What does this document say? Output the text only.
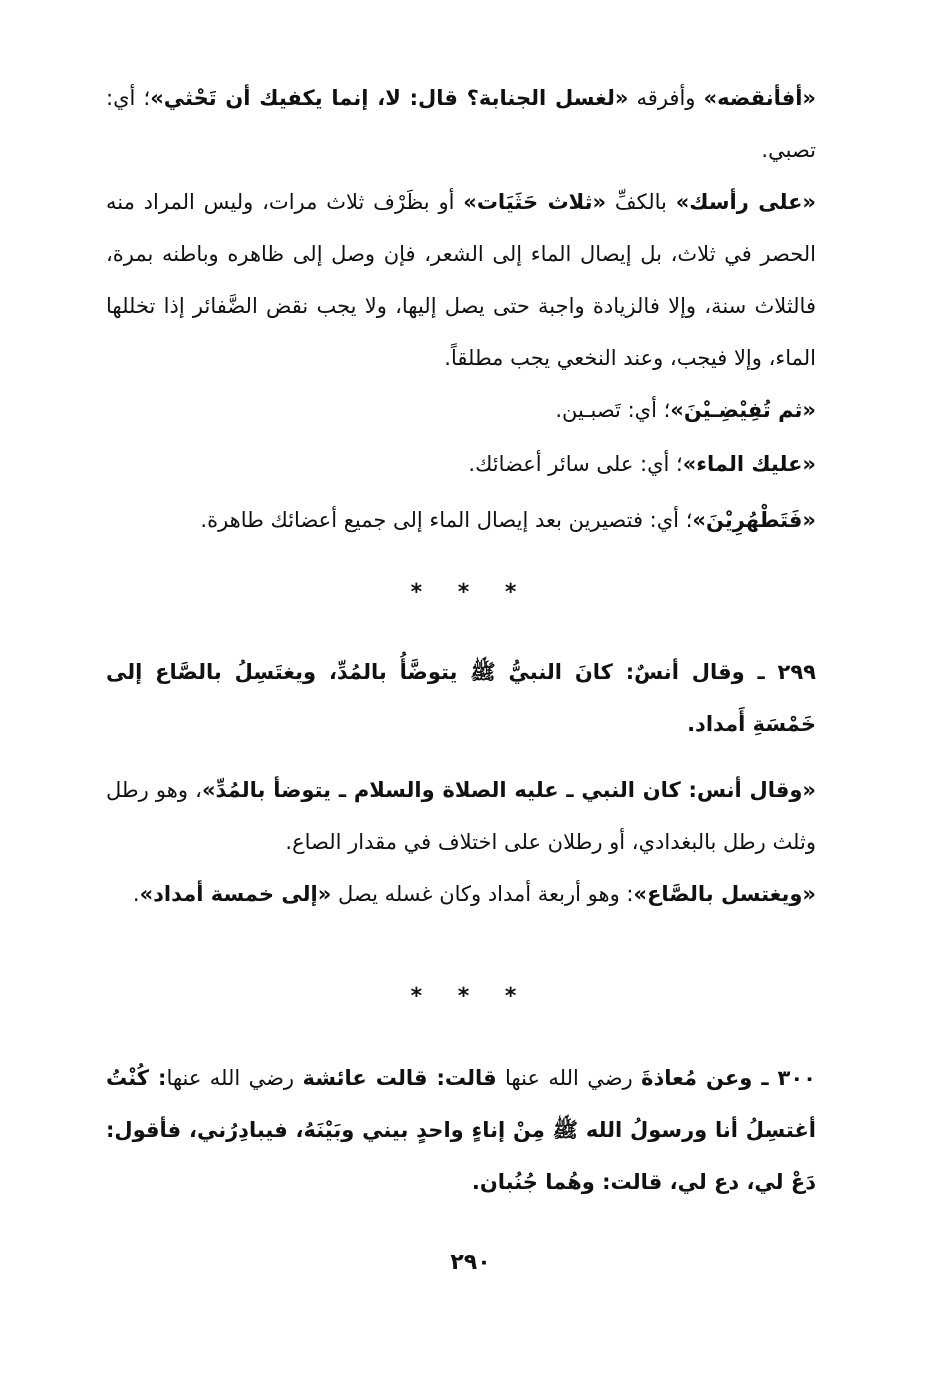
«أفأنقضه» وأفرقه «لغسل الجنابة؟ قال: لا، إنما يكفيك أن تَحْثي»؛ أي: تصبي.

«على رأسك» بالكفِّ «ثلاث حَثَيَات» أو بظَرْف ثلاث مرات، وليس المراد منه الحصر في ثلاث، بل إيصال الماء إلى الشعر، فإن وصل إلى ظاهره وباطنه بمرة، فالثلاث سنة، وإلا فالزيادة واجبة حتى يصل إليها، ولا يجب نقض الضَّفائر إذا تخللها الماء، وإلا فيجب، وعند النخعي يجب مطلقاً.

«ثم تُفِيْضِـيْنَ»؛ أي: تَصبـين.

«عليك الماء»؛ أي: على سائر أعضائك.

«فَتَطْهُرِيْنَ»؛ أي: فتصيرين بعد إيصال الماء إلى جميع أعضائك طاهرة.

* * *

٢٩٩ ـ وقال أنسٌ: كانَ النبيُّ ﷺ يتوضَّأُ بالمُدِّ، ويغتَسِلُ بالصَّاع إلى خَمْسَةِ أَمداد.

«وقال أنس: كان النبي ـ عليه الصلاة والسلام ـ يتوضأ بالمُدِّ»، وهو رطل وثلث رطل بالبغدادي، أو رطلان على اختلاف في مقدار الصاع.

«ويغتسل بالصَّاع»: وهو أربعة أمداد وكان غسله يصل «إلى خمسة أمداد».

* * *

٣٠٠ ـ وعن مُعاذةَ رضي الله عنها قالت: قالت عائشة رضي الله عنها: كُنْتُ أغتسِلُ أنا ورسولُ الله ﷺ مِنْ إناءٍ واحدٍ بيني وبَيْنَهُ، فيبادِرُني، فأقول: دَعْ لي، دع لي، قالت: وهُما جُنُبان.

٢٩٠
